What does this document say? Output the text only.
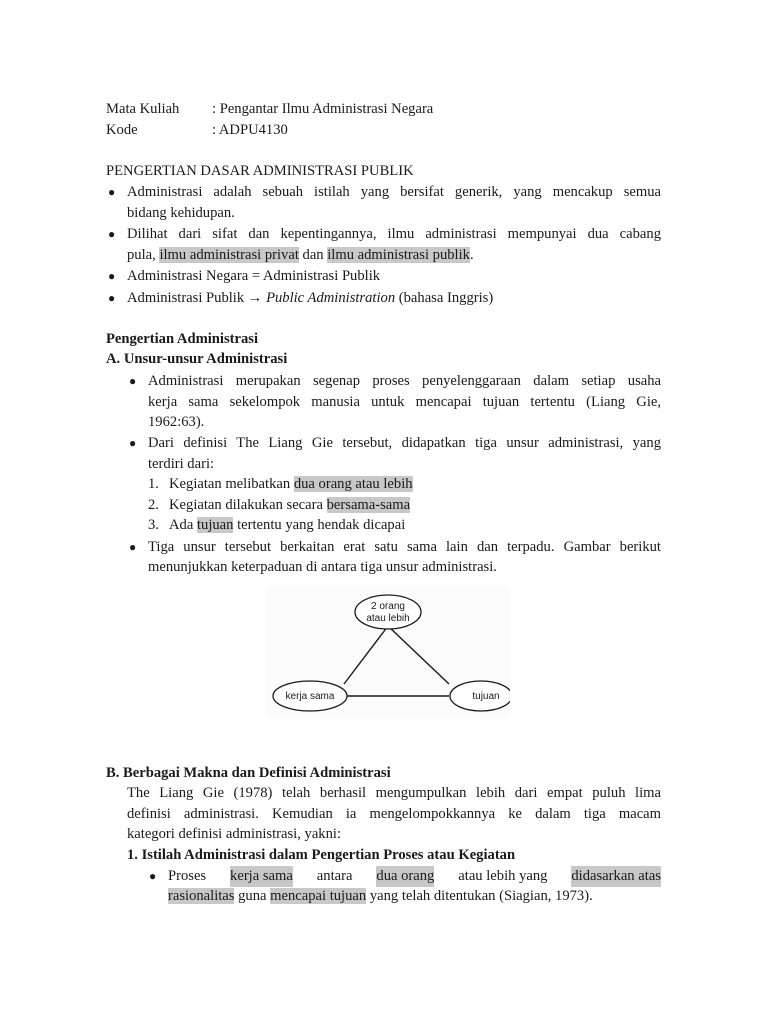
Mata Kuliah : Pengantar Ilmu Administrasi Negara
Kode	: ADPU4130
PENGERTIAN DASAR ADMINISTRASI PUBLIK
● Administrasi adalah sebuah istilah yang bersifat generik, yang mencakup semua
bidang kehidupan.
● Dilihat dari sifat dan kepentingannya, ilmu administrasi mempunyai dua cabang
pula, ilmu administrasi privat dan ilmu administrasi publik.
● Administrasi Negara = Administrasi Publik
● Administrasi Publik → Public Administration (bahasa Inggris)
Pengertian Administrasi
A. Unsur-unsur Administrasi
● Administrasi merupakan segenap proses penyelenggaraan dalam setiap usaha
kerja sama sekelompok manusia untuk mencapai tujuan tertentu (Liang Gie,
1962:63).
● Dari definisi The Liang Gie tersebut, didapatkan tiga unsur administrasi, yang
terdiri dari:
1. Kegiatan melibatkan dua orang atau lebih
2. Kegiatan dilakukan secara bersama-sama
3. Ada tujuan tertentu yang hendak dicapai
● Tiga unsur tersebut berkaitan erat satu sama lain dan terpadu. Gambar berikut
menunjukkan keterpaduan di antara tiga unsur administrasi.
2 orang
atau lebih
kerja sama	tujuan
B. Berbagai Makna dan Definisi Administrasi
The Liang Gie (1978) telah berhasil mengumpulkan lebih dari empat puluh lima
definisi administrasi. Kemudian ia mengelompokkannya ke dalam tiga macam
kategori definisi administrasi, yakni:
1. Istilah Administrasi dalam Pengertian Proses atau Kegiatan
● Proses kerja sama antara dua orang atau lebih yang didasarkan atas
rasionalitas guna mencapai tujuan yang telah ditentukan (Siagian, 1973).
